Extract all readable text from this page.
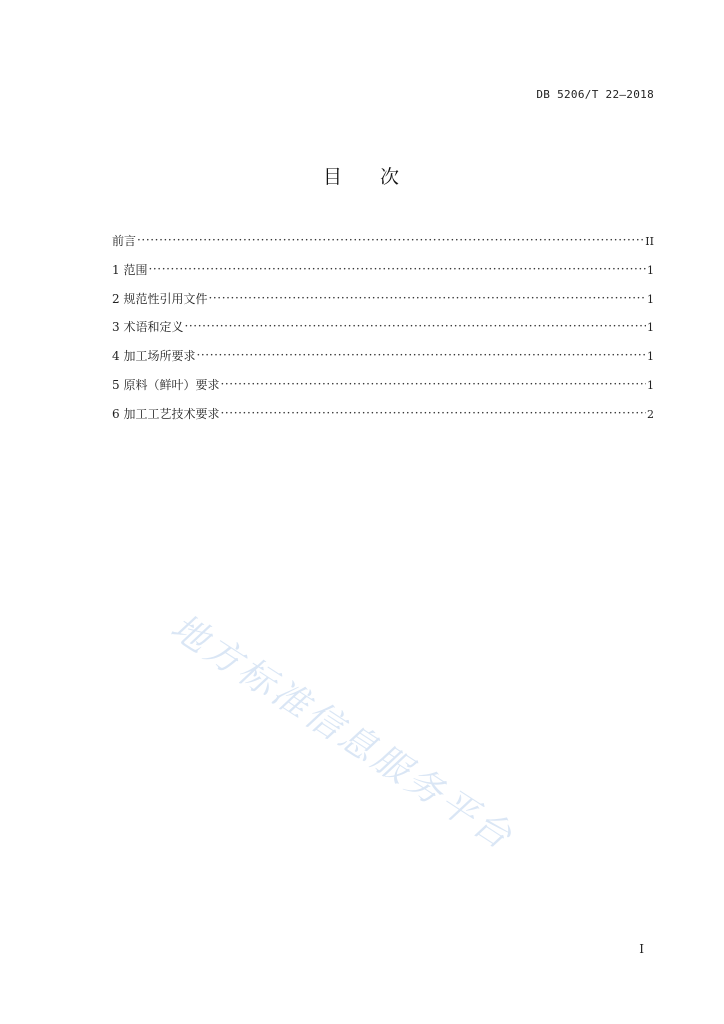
DB 5206/T 22—2018
目 次
前言 ·····	II
1 范围 ·····	1
2 规范性引用文件 ·····	1
3 术语和定义 ·····	1
4 加工场所要求 ·····	1
5 原料（鲜叶）要求 ·····	1
6 加工工艺技术要求 ·····	2
地方标准信息服务平台
I
